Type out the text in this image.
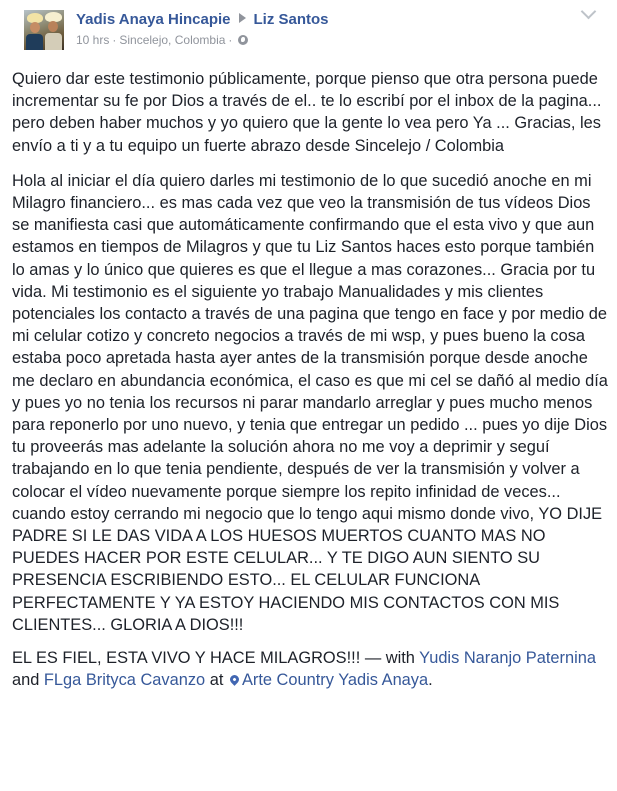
Yadis Anaya Hincapie Liz Santos
10 hrs · Sincelejo, Colombia ·

Quiero dar este testimonio públicamente, porque pienso que otra persona puede incrementar su fe por Dios a través de el.. te lo escribí por el inbox de la pagina... pero deben haber muchos y yo quiero que la gente lo vea pero Ya ... Gracias, les envío a ti y a tu equipo un fuerte abrazo desde Sincelejo / Colombia

Hola al iniciar el día quiero darles mi testimonio de lo que sucedió anoche en mi Milagro financiero... es mas cada vez que veo la transmisión de tus vídeos Dios se manifiesta casi que automáticamente confirmando que el esta vivo y que aun estamos en tiempos de Milagros y que tu Liz Santos haces esto porque también lo amas y lo único que quieres es que el llegue a mas corazones... Gracia por tu vida. Mi testimonio es el siguiente yo trabajo Manualidades y mis clientes potenciales los contacto a través de una pagina que tengo en face y por medio de mi celular cotizo y concreto negocios a través de mi wsp, y pues bueno la cosa estaba poco apretada hasta ayer antes de la transmisión porque desde anoche me declaro en abundancia económica, el caso es que mi cel se dañó al medio día y pues yo no tenia los recursos ni parar mandarlo arreglar y pues mucho menos para reponerlo por uno nuevo, y tenia que entregar un pedido ... pues yo dije Dios tu proveerás mas adelante la solución ahora no me voy a deprimir y seguí trabajando en lo que tenia pendiente, después de ver la transmisión y volver a colocar el vídeo nuevamente porque siempre los repito infinidad de veces... cuando estoy cerrando mi negocio que lo tengo aqui mismo donde vivo, YO DIJE PADRE SI LE DAS VIDA A LOS HUESOS MUERTOS CUANTO MAS NO PUEDES HACER POR ESTE CELULAR... Y TE DIGO AUN SIENTO SU PRESENCIA ESCRIBIENDO ESTO... EL CELULAR FUNCIONA PERFECTAMENTE Y YA ESTOY HACIENDO MIS CONTACTOS CON MIS CLIENTES... GLORIA A DIOS!!!

EL ES FIEL, ESTA VIVO Y HACE MILAGROS!!! — with Yudis Naranjo Paternina and FLga Brityca Cavanzo at Arte Country Yadis Anaya.
